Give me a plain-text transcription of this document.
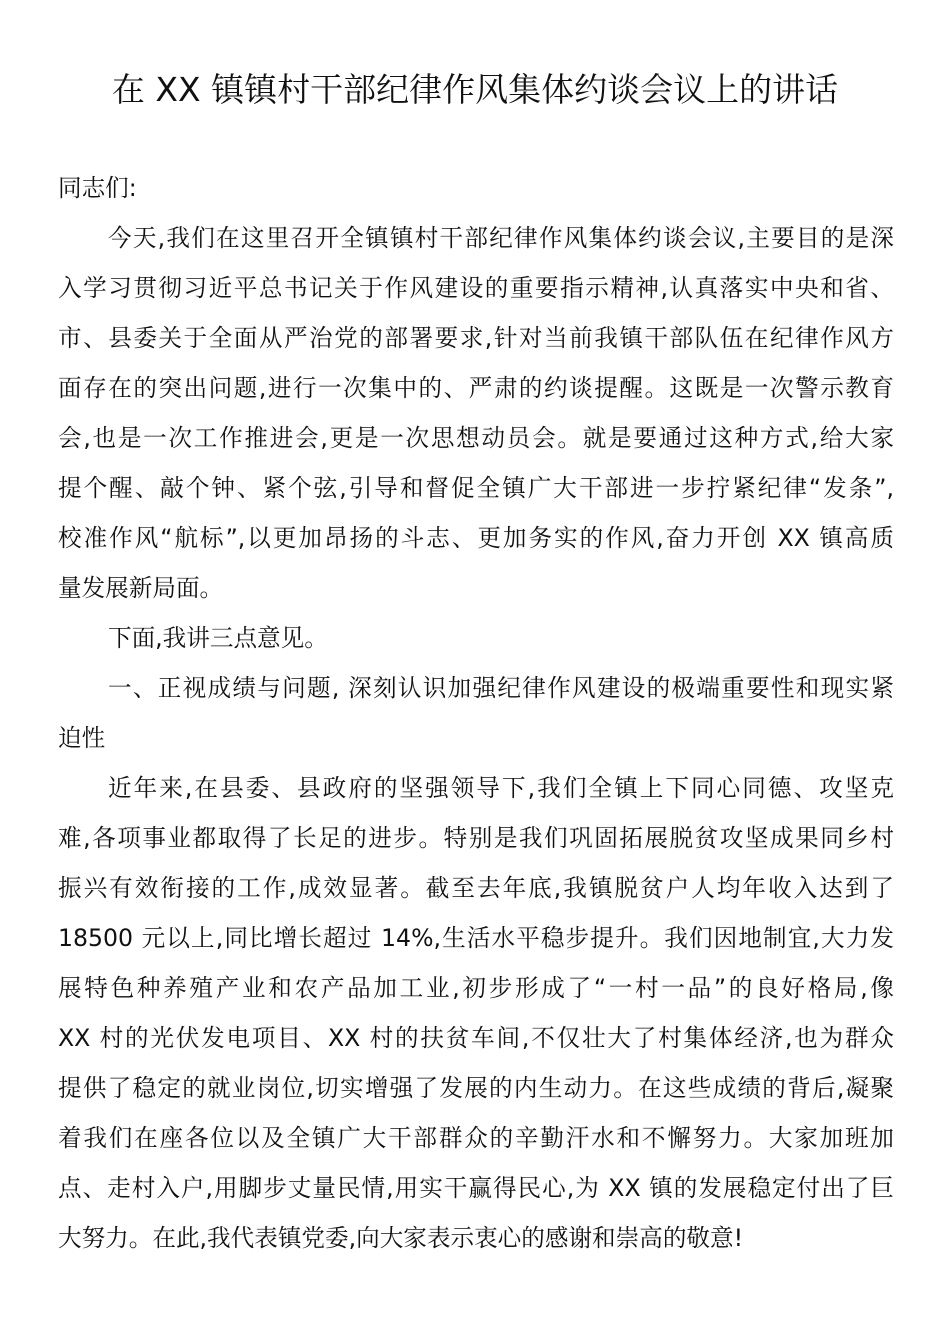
在 XX 镇镇村干部纪律作风集体约谈会议上的讲话
同志们:
今天,我们在这里召开全镇镇村干部纪律作风集体约谈会议,主要目的是深
入学习贯彻习近平总书记关于作风建设的重要指示精神,认真落实中央和省、
市、县委关于全面从严治党的部署要求,针对当前我镇干部队伍在纪律作风方
面存在的突出问题,进行一次集中的、严肃的约谈提醒。这既是一次警示教育
会,也是一次工作推进会,更是一次思想动员会。就是要通过这种方式,给大家
提个醒、敲个钟、紧个弦,引导和督促全镇广大干部进一步拧紧纪律“发条”,
校准作风“航标”,以更加昂扬的斗志、更加务实的作风,奋力开创 XX 镇高质
量发展新局面。
下面,我讲三点意见。
一、正视成绩与问题, 深刻认识加强纪律作风建设的极端重要性和现实紧
迫性
近年来,在县委、县政府的坚强领导下,我们全镇上下同心同德、攻坚克
难,各项事业都取得了长足的进步。特别是我们巩固拓展脱贫攻坚成果同乡村
振兴有效衔接的工作,成效显著。截至去年底,我镇脱贫户人均年收入达到了
18500 元以上,同比增长超过 14%,生活水平稳步提升。我们因地制宜,大力发
展特色种养殖产业和农产品加工业,初步形成了“一村一品”的良好格局,像
XX 村的光伏发电项目、XX 村的扶贫车间,不仅壮大了村集体经济,也为群众
提供了稳定的就业岗位,切实增强了发展的内生动力。在这些成绩的背后,凝聚
着我们在座各位以及全镇广大干部群众的辛勤汗水和不懈努力。大家加班加
点、走村入户,用脚步丈量民情,用实干赢得民心,为 XX 镇的发展稳定付出了巨
大努力。在此,我代表镇党委,向大家表示衷心的感谢和崇高的敬意!
